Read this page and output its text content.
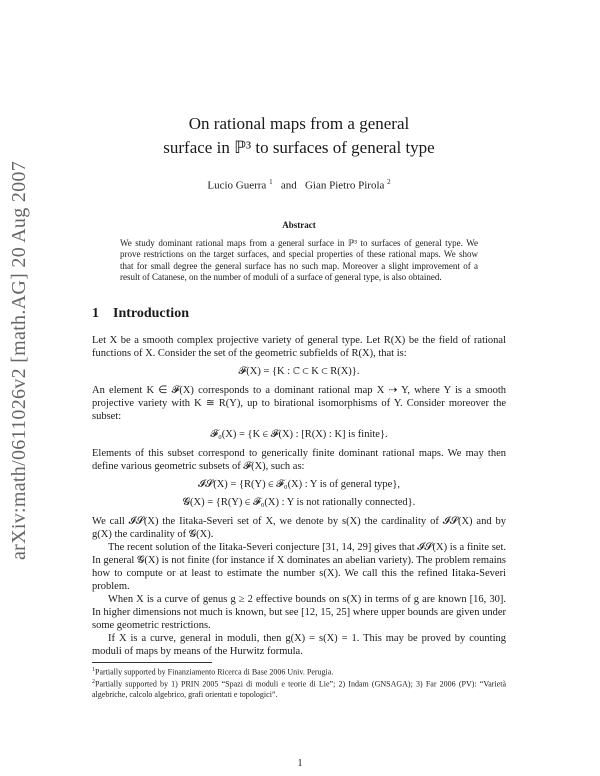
arXiv:math/0611026v2 [math.AG] 20 Aug 2007
On rational maps from a general
surface in ℙ³ to surfaces of general type
Lucio Guerra $^1$ and Gian Pietro Pirola $^2$
Abstract
We study dominant rational maps from a general surface in ℙ³ to surfaces of general type. We prove restrictions on the target surfaces, and special properties of these rational maps. We show that for small degree the general surface has no such map. Moreover a slight improvement of a result of Catanese, on the number of moduli of a surface of general type, is also obtained.
1 Introduction

Let X be a smooth complex projective variety of general type. Let R(X) be the field of rational functions of X. Consider the set of the geometric subfields of R(X), that is:

𝓕(X) = {K : ℂ ⊂ K ⊂ R(X)}.

An element K ∈ 𝓕(X) corresponds to a dominant rational map X ⇢ Y, where Y is a smooth projective variety with K ≅ R(Y), up to birational isomorphisms of Y. Consider moreover the subset:

𝓕₀(X) = {K ∈ 𝓕(X) : [R(X) : K] is finite}.

Elements of this subset correspond to generically finite dominant rational maps. We may then define various geometric subsets of 𝓕(X), such as:

𝓘𝓢(X) = {R(Y) ∈ 𝓕₀(X) : Y is of general type},
𝓖(X) = {R(Y) ∈ 𝓕₀(X) : Y is not rationally connected}.

We call 𝓘𝓢(X) the Iitaka-Severi set of X, we denote by s(X) the cardinality of 𝓘𝓢(X) and by g(X) the cardinality of 𝓖(X).

The recent solution of the Iitaka-Severi conjecture [31, 14, 29] gives that 𝓘𝓢(X) is a finite set. In general 𝓖(X) is not finite (for instance if X dominates an abelian variety). The problem remains how to compute or at least to estimate the number s(X). We call this the refined Iitaka-Severi problem.

When X is a curve of genus g ≥ 2 effective bounds on s(X) in terms of g are known [16, 30]. In higher dimensions not much is known, but see [12, 15, 25] where upper bounds are given under some geometric restrictions.

If X is a curve, general in moduli, then g(X) = s(X) = 1. This may be proved by counting moduli of maps by means of the Hurwitz formula.

$^1$Partially supported by Finanziamento Ricerca di Base 2006 Univ. Perugia.
$^2$Partially supported by 1) PRIN 2005 “Spazi di moduli e teorie di Lie”; 2) Indam (GNSAGA); 3) Far 2006 (PV): “Varietà algebriche, calcolo algebrico, grafi orientati e topologici”.
1
